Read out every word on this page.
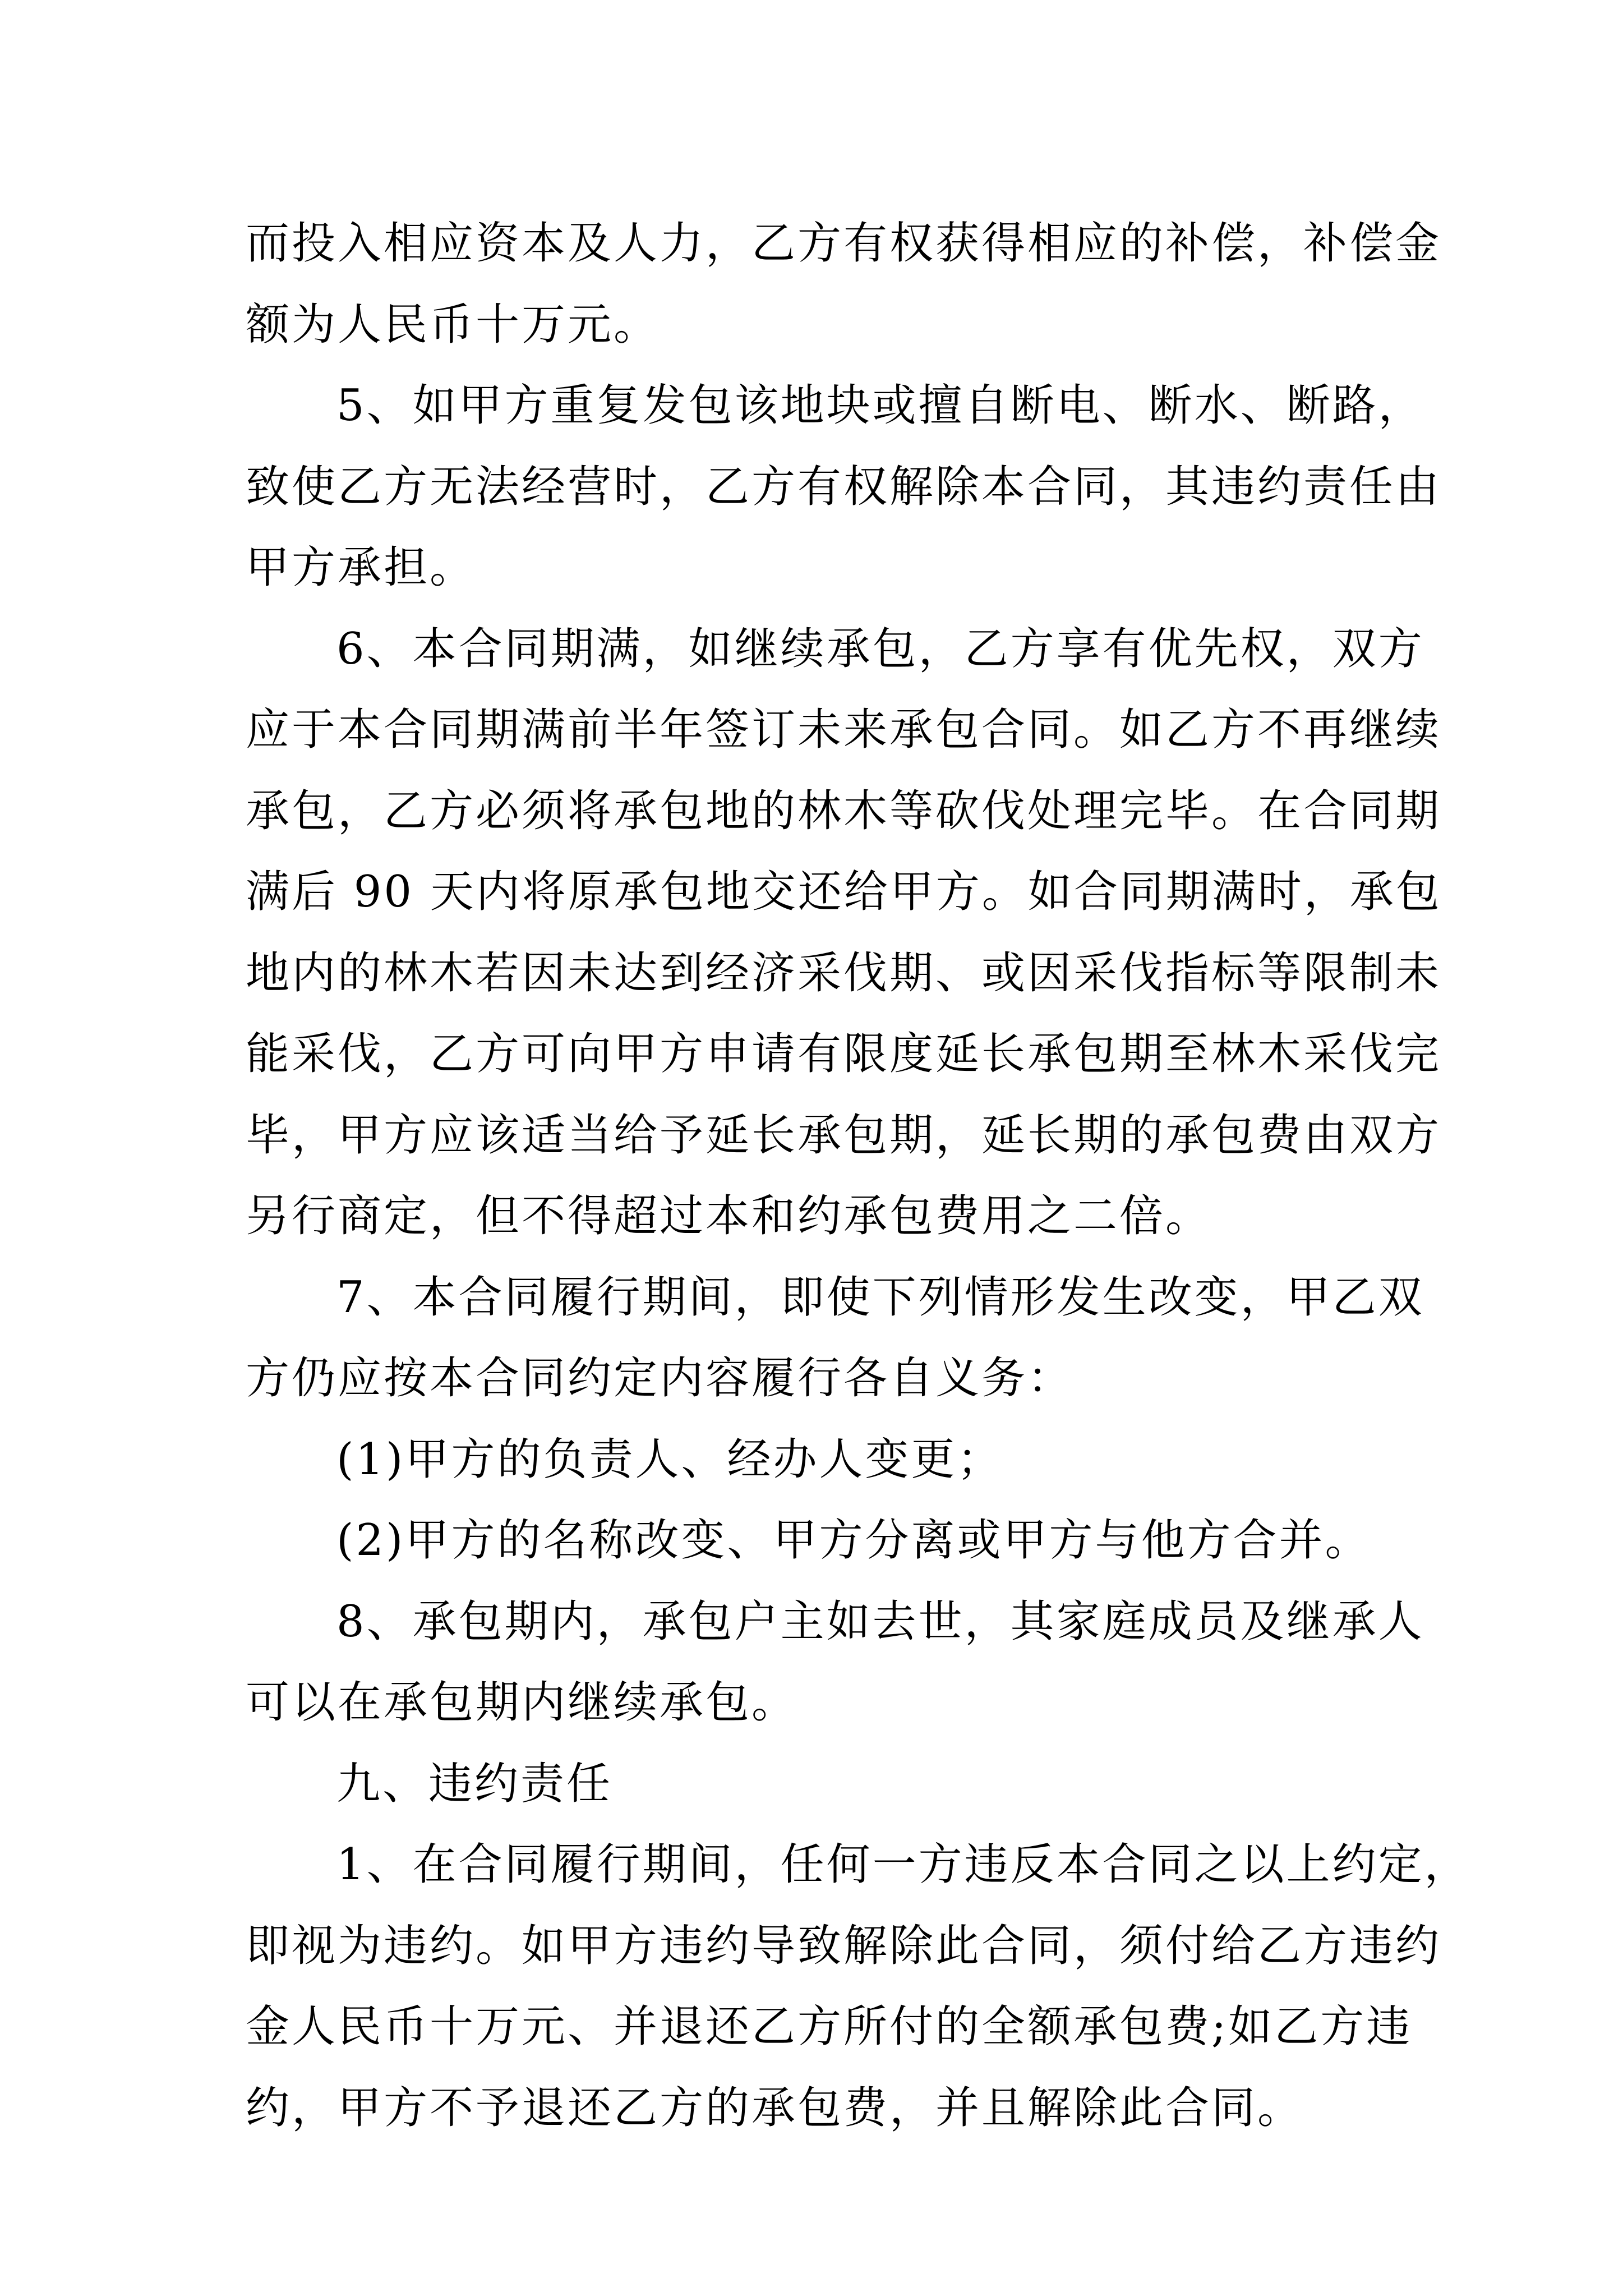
而投入相应资本及人力，乙方有权获得相应的补偿，补偿金
额为人民币十万元。
5、如甲方重复发包该地块或擅自断电、断水、断路，
致使乙方无法经营时，乙方有权解除本合同，其违约责任由
甲方承担。
6、本合同期满，如继续承包，乙方享有优先权，双方
应于本合同期满前半年签订未来承包合同。如乙方不再继续
承包，乙方必须将承包地的林木等砍伐处理完毕。在合同期
满后 90 天内将原承包地交还给甲方。如合同期满时，承包
地内的林木若因未达到经济采伐期、或因采伐指标等限制未
能采伐，乙方可向甲方申请有限度延长承包期至林木采伐完
毕，甲方应该适当给予延长承包期，延长期的承包费由双方
另行商定，但不得超过本和约承包费用之二倍。
7、本合同履行期间，即使下列情形发生改变，甲乙双
方仍应按本合同约定内容履行各自义务：
(1)甲方的负责人、经办人变更；
(2)甲方的名称改变、甲方分离或甲方与他方合并。
8、承包期内，承包户主如去世，其家庭成员及继承人
可以在承包期内继续承包。
九、违约责任
1、在合同履行期间，任何一方违反本合同之以上约定，
即视为违约。如甲方违约导致解除此合同，须付给乙方违约
金人民币十万元、并退还乙方所付的全额承包费;如乙方违
约，甲方不予退还乙方的承包费，并且解除此合同。
